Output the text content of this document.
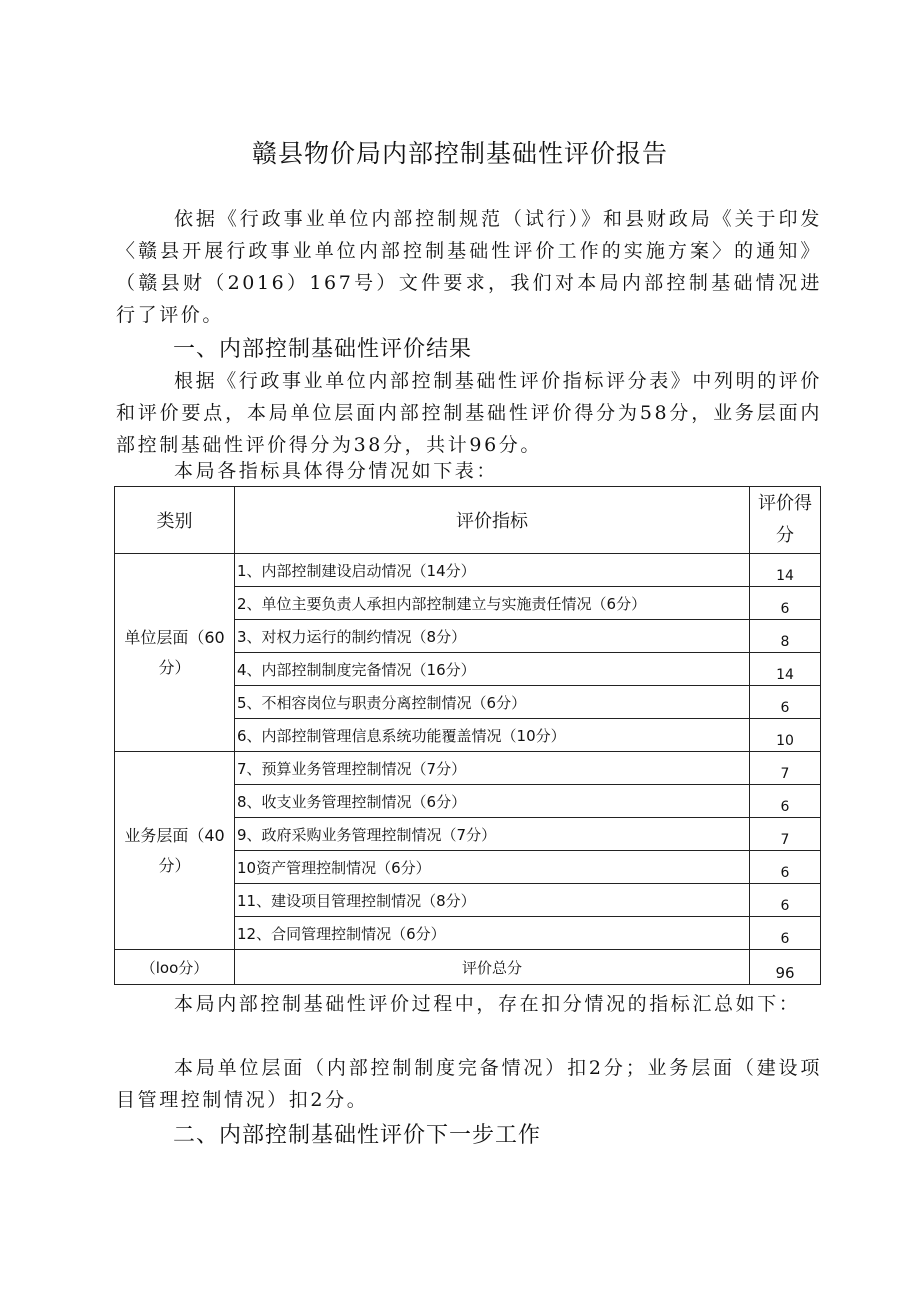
赣县物价局内部控制基础性评价报告

依据《行政事业单位内部控制规范（试行）》和县财政局《关于印发〈赣县开展行政事业单位内部控制基础性评价工作的实施方案〉的通知》（赣县财（2016）167号）文件要求，我们对本局内部控制基础情况进行了评价。

一、内部控制基础性评价结果

根据《行政事业单位内部控制基础性评价指标评分表》中列明的评价和评价要点，本局单位层面内部控制基础性评价得分为58分，业务层面内部控制基础性评价得分为38分，共计96分。

本局各指标具体得分情况如下表：

类别	评价指标	评价得分
单位层面（60分）	1、内部控制建设启动情况（14分）	14
	2、单位主要负责人承担内部控制建立与实施责任情况（6分）	6
	3、对权力运行的制约情况（8分）	8
	4、内部控制制度完备情况（16分）	14
	5、不相容岗位与职责分离控制情况（6分）	6
	6、内部控制管理信息系统功能覆盖情况（10分）	10
业务层面（40分）	7、预算业务管理控制情况（7分）	7
	8、收支业务管理控制情况（6分）	6
	9、政府采购业务管理控制情况（7分）	7
	10资产管理控制情况（6分）	6
	11、建设项目管理控制情况（8分）	6
	12、合同管理控制情况（6分）	6
（loo分）	评价总分	96

本局内部控制基础性评价过程中，存在扣分情况的指标汇总如下：

本局单位层面（内部控制制度完备情况）扣2分；业务层面（建设项目管理控制情况）扣2分。

二、内部控制基础性评价下一步工作
